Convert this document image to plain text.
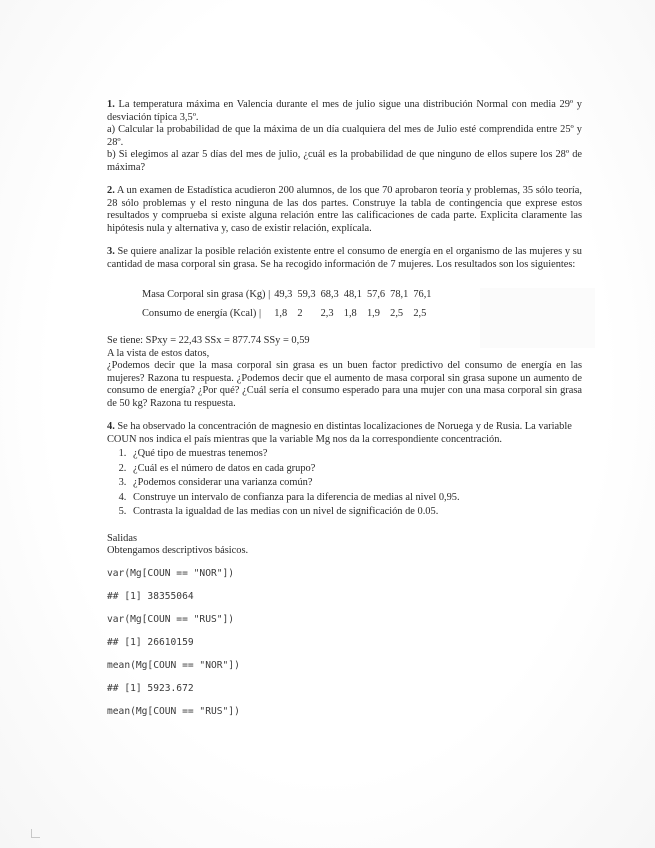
1. La temperatura máxima en Valencia durante el mes de julio sigue una distribución Normal con media 29º y desviación típica 3,5º.

a) Calcular la probabilidad de que la máxima de un día cualquiera del mes de Julio esté comprendida entre 25º y 28º.

b) Si elegimos al azar 5 días del mes de julio, ¿cuál es la probabilidad de que ninguno de ellos supere los 28º de máxima?

2. A un examen de Estadística acudieron 200 alumnos, de los que 70 aprobaron teoría y problemas, 35 sólo teoría, 28 sólo problemas y el resto ninguna de las dos partes. Construye la tabla de contingencia que exprese estos resultados y comprueba si existe alguna relación entre las calificaciones de cada parte. Explicita claramente las hipótesis nula y alternativa y, caso de existir relación, explícala.

3. Se quiere analizar la posible relación existente entre el consumo de energía en el organismo de las mujeres y su cantidad de masa corporal sin grasa. Se ha recogido información de 7 mujeres. Los resultados son los siguientes:

Masa Corporal sin grasa (Kg) |	49,3	59,3	68,3	48,1	57,6	78,1	76,1
Consumo de energía (Kcal) |	1,8	2	2,3	1,8	1,9	2,5	2,5

Se tiene: SPxy = 22,43 SSx = 877.74 SSy = 0,59

A la vista de estos datos,

¿Podemos decir que la masa corporal sin grasa es un buen factor predictivo del consumo de energía en las mujeres? Razona tu respuesta. ¿Podemos decir que el aumento de masa corporal sin grasa supone un aumento de consumo de energía? ¿Por qué? ¿Cuál sería el consumo esperado para una mujer con una masa corporal sin grasa de 50 kg? Razona tu respuesta.

4. Se ha observado la concentración de magnesio en distintas localizaciones de Noruega y de Rusia. La variable COUN nos indica el país mientras que la variable Mg nos da la correspondiente concentración.

1. ¿Qué tipo de muestras tenemos?
2. ¿Cuál es el número de datos en cada grupo?
3. ¿Podemos considerar una varianza común?
4. Construye un intervalo de confianza para la diferencia de medias al nivel 0,95.
5. Contrasta la igualdad de las medias con un nivel de significación de 0.05.

Salidas

Obtengamos descriptivos básicos.

var(Mg[COUN == "NOR"])
## [1] 38355064
var(Mg[COUN == "RUS"])
## [1] 26610159
mean(Mg[COUN == "NOR"])
## [1] 5923.672
mean(Mg[COUN == "RUS"])
